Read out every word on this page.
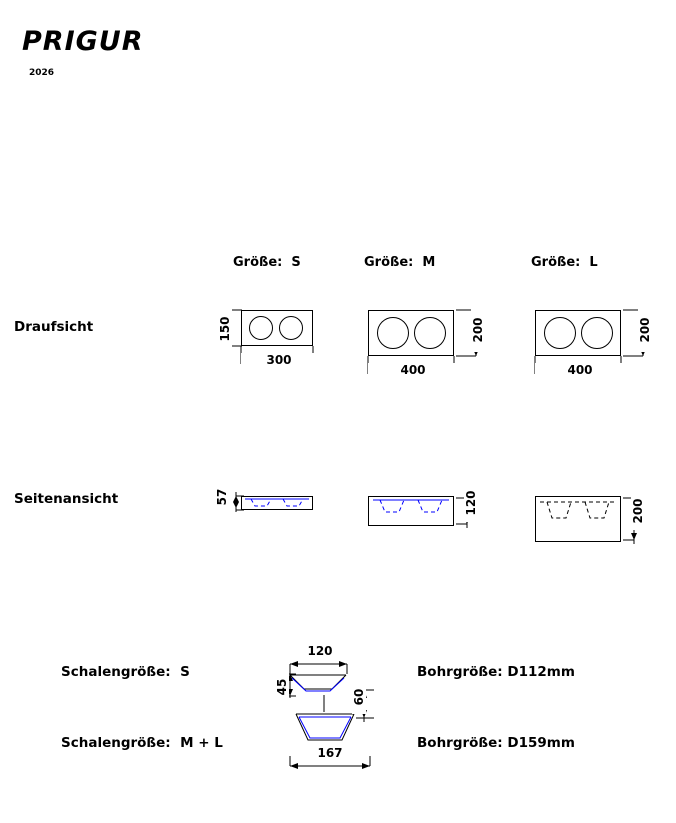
PRIGUR
2026
Größe:  S	Größe:  M	Größe:  L
Draufsicht
Seitenansicht
150
300
200
400
200
400
57	120	200
Schalengröße:  S
Schalengröße:  M + L
Bohrgröße: D112mm
Bohrgröße: D159mm
120
45
60
167
